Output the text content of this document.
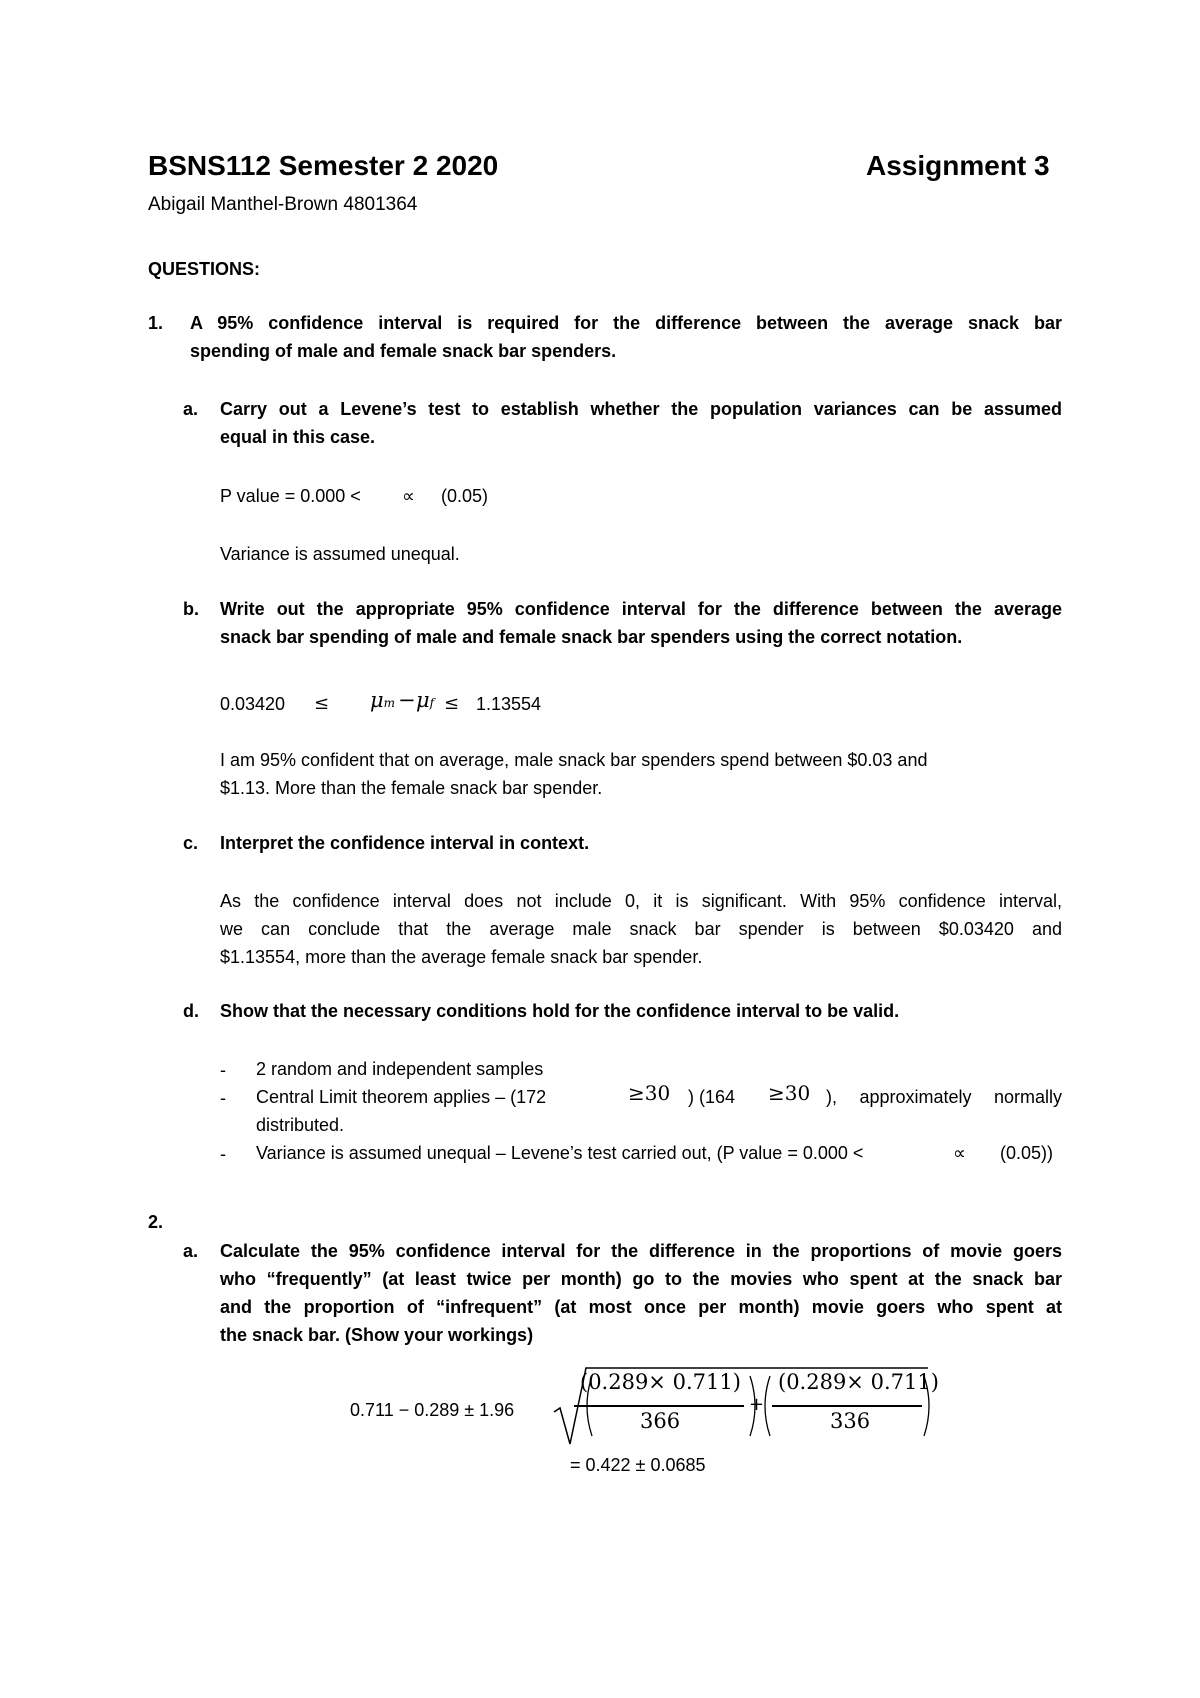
BSNS112 Semester 2 2020	Assignment 3
Abigail Manthel-Brown 4801364
QUESTIONS:
1. A 95% confidence interval is required for the difference between the average snack bar
spending of male and female snack bar spenders.
a. Carry out a Levene’s test to establish whether the population variances can be assumed
equal in this case.
P value = 0.000 < ∝ (0.05)
Variance is assumed unequal.
b. Write out the appropriate 95% confidence interval for the difference between the average
snack bar spending of male and female snack bar spenders using the correct notation.
0.03420 ≤ μm − μf ≤ 1.13554
I am 95% confident that on average, male snack bar spenders spend between $0.03 and
$1.13. More than the female snack bar spender.
c. Interpret the confidence interval in context.
As the confidence interval does not include 0, it is significant. With 95% confidence interval,
we can conclude that the average male snack bar spender is between $0.03420 and
$1.13554, more than the average female snack bar spender.
d. Show that the necessary conditions hold for the confidence interval to be valid.
- 2 random and independent samples
- Central Limit theorem applies – (172	≥30 ) (164 ≥30 ), approximately normally
distributed.
- Variance is assumed unequal – Levene’s test carried out, (P value = 0.000 <	∝ (0.05))
2.
a. Calculate the 95% confidence interval for the difference in the proportions of movie goers
who “frequently” (at least twice per month) go to the movies who spent at the snack bar
and the proportion of “infrequent” (at most once per month) movie goers who spent at
the snack bar. (Show your workings)
0.711 − 0.289 ± 1.96
(0.289× 0.711)
366
+
(0.289× 0.711)
336
= 0.422 ± 0.0685
